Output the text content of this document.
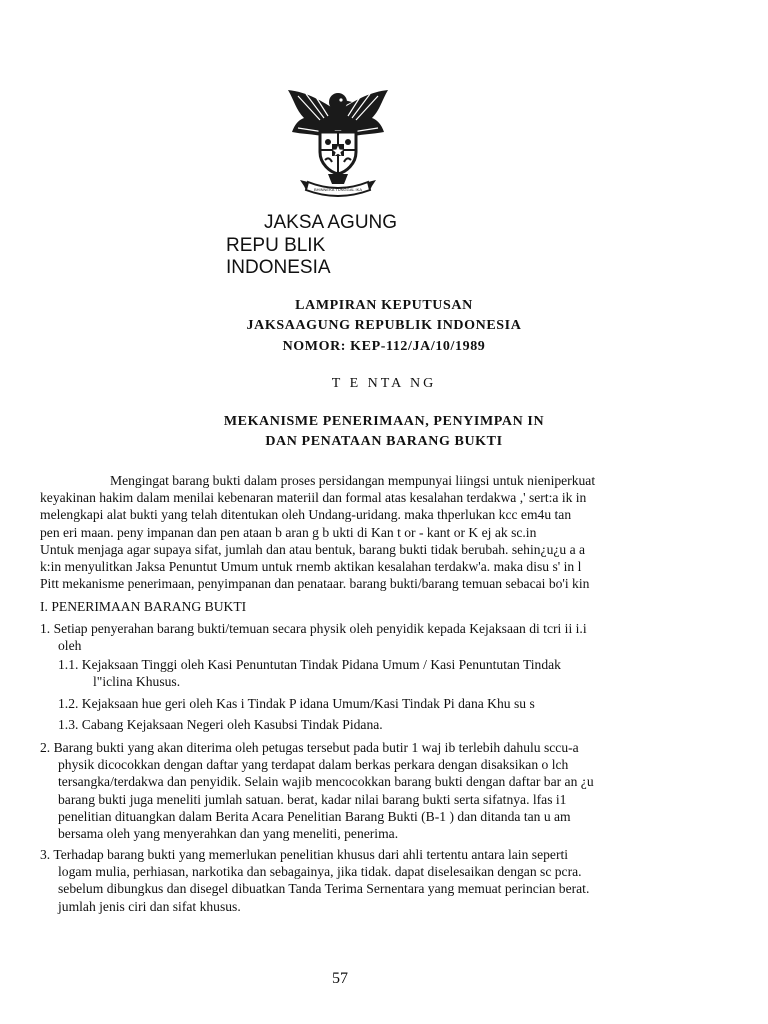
BHINNEKA TUNGGAL IKA
JAKSA AGUNG
REPU BLIK
INDONESIA
LAMPIRAN KEPUTUSAN
JAKSAAGUNG REPUBLIK INDONESIA
NOMOR: KEP-112/JA/10/1989
T E NTA NG
MEKANISME PENERIMAAN, PENYIMPAN IN
DAN PENATAAN BARANG BUKTI
Mengingat barang bukti dalam proses persidangan mempunyai liingsi untuk nieniperkuat
keyakinan hakim dalam menilai kebenaran materiil dan formal atas kesalahan terdakwa ,' sert:a ik in
melengkapi alat bukti yang telah ditentukan oleh Undang-uridang. maka thperlukan kcc em4u tan
pen eri maan. peny impanan dan pen ataan b aran g b ukti di Kan t or - kant or K ej ak sc.in
Untuk menjaga agar supaya sifat, jumlah dan atau bentuk, barang bukti tidak berubah. sehin¿u¿u a a
k:in menyulitkan Jaksa Penuntut Umum untuk rnemb aktikan kesalahan terdakw'a. maka disu s' in l
Pitt mekanisme penerimaan, penyimpanan dan penataar. barang bukti/barang temuan sebacai bo'i kin
I. PENERIMAAN BARANG BUKTI
1. Setiap penyerahan barang bukti/temuan secara physik oleh penyidik kepada Kejaksaan di tcri ii i.i
oleh
1.1. Kejaksaan Tinggi oleh Kasi Penuntutan Tindak Pidana Umum / Kasi Penuntutan Tindak
l"iclina Khusus.
1.2. Kejaksaan hue geri oleh Kas i Tindak P idana Umum/Kasi Tindak Pi dana Khu su s
1.3. Cabang Kejaksaan Negeri oleh Kasubsi Tindak Pidana.
2. Barang bukti yang akan diterima oleh petugas tersebut pada butir 1 waj ib terlebih dahulu sccu-a
physik dicocokkan dengan daftar yang terdapat dalam berkas perkara dengan disaksikan o lch
tersangka/terdakwa dan penyidik. Selain wajib mencocokkan barang bukti dengan daftar bar an ¿u
barang bukti juga meneliti jumlah satuan. berat, kadar nilai barang bukti serta sifatnya. lfas i1
penelitian dituangkan dalam Berita Acara Penelitian Barang Bukti (B-1 ) dan ditanda tan u am
bersama oleh yang menyerahkan dan yang meneliti, penerima.
3. Terhadap barang bukti yang memerlukan penelitian khusus dari ahli tertentu antara lain seperti
logam mulia, perhiasan, narkotika dan sebagainya, jika tidak. dapat diselesaikan dengan sc pcra.
sebelum dibungkus dan disegel dibuatkan Tanda Terima Sernentara yang memuat perincian berat.
jumlah jenis ciri dan sifat khusus.
57
